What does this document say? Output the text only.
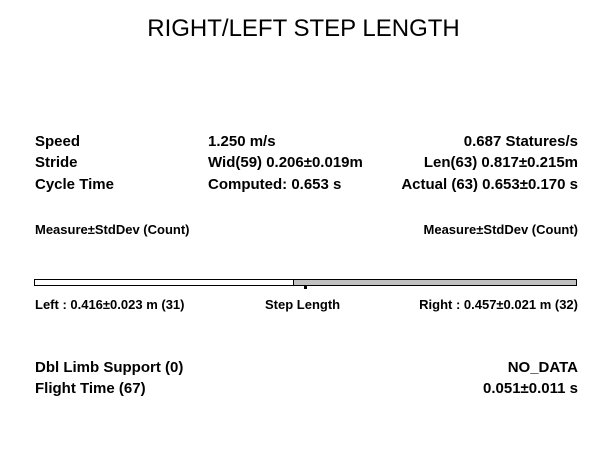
RIGHT/LEFT STEP LENGTH
Speed	1.250 m/s	0.687 Statures/s
Stride	Wid(59) 0.206±0.019m	Len(63) 0.817±0.215m
Cycle Time	Computed: 0.653 s	Actual (63) 0.653±0.170 s
Measure±StdDev (Count)	Measure±StdDev (Count)
Left : 0.416±0.023 m (31)	Step Length	Right : 0.457±0.021 m (32)
Dbl Limb Support (0)	NO_DATA
Flight Time (67)	0.051±0.011 s
